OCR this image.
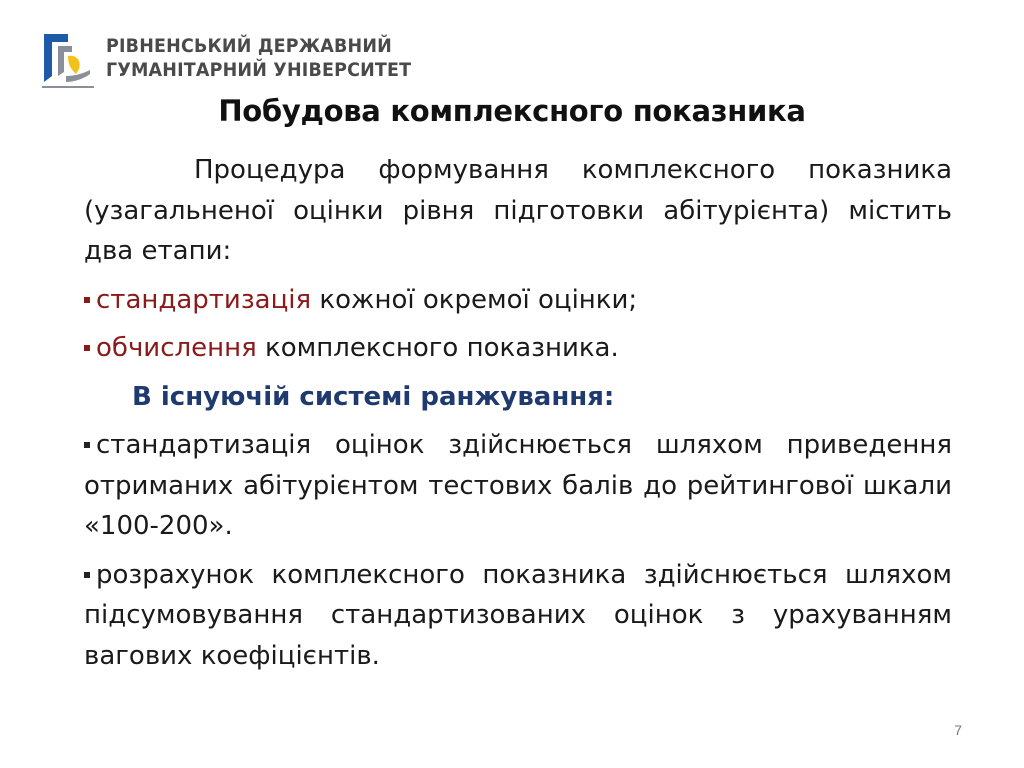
РІВНЕНСЬКИЙ ДЕРЖАВНИЙ
ГУМАНІТАРНИЙ УНІВЕРСИТЕТ
Побудова комплексного показника

Процедура формування комплексного показника (узагальненої оцінки рівня підготовки абітурієнта) містить два етапи:

стандартизація кожної окремої оцінки;

обчислення комплексного показника.

В існуючій системі ранжування:

стандартизація оцінок здійснюється шляхом приведення отриманих абітурієнтом тестових балів до рейтингової шкали «100-200».

розрахунок комплексного показника здійснюється шляхом підсумовування стандартизованих оцінок з урахуванням вагових коефіцієнтів.

7
